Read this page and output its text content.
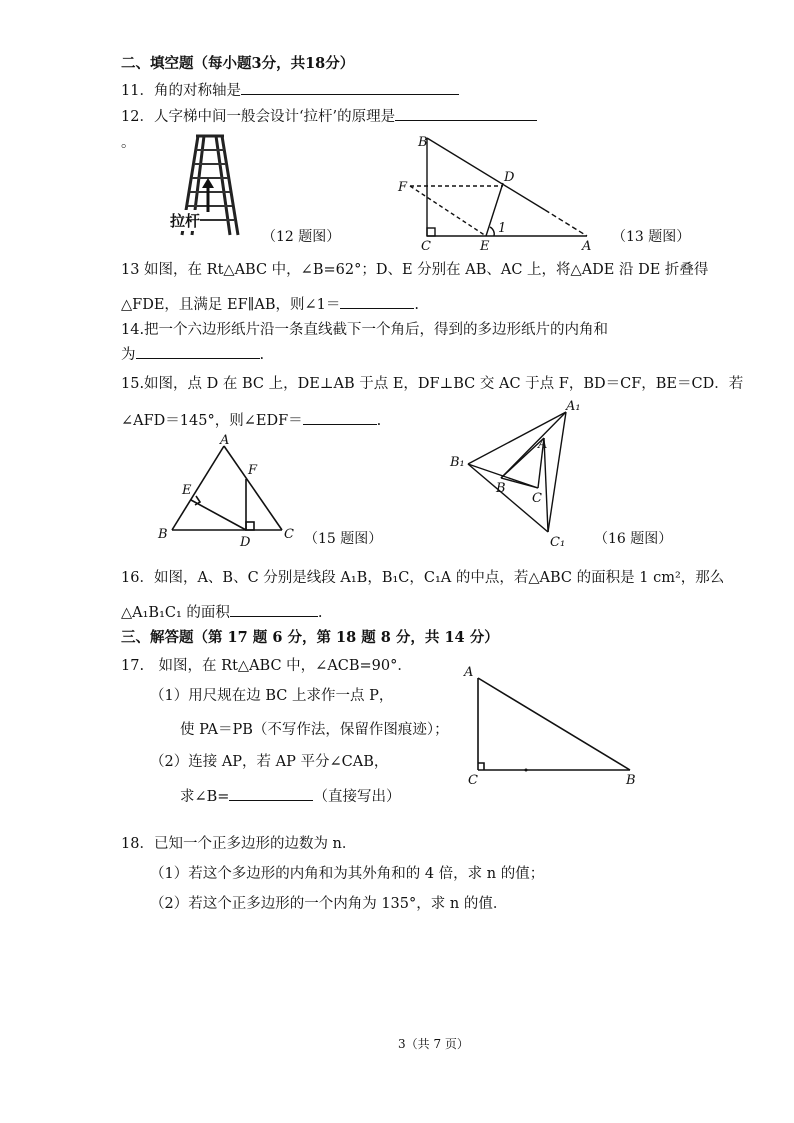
二、填空题（每小题3分，共18分）
11．角的对称轴是
12．人字梯中间一般会设计‘拉杆’的原理是
。
拉杆
（12 题图）
B
D
F
C	E	A
1
（13 题图）
13 如图，在 Rt△ABC 中，∠B=62°；D、E 分别在 AB、AC 上，将△ADE 沿 DE 折叠得
△FDE，且满足 EF∥AB，则∠1＝	.
14.把一个六边形纸片沿一条直线截下一个角后，得到的多边形纸片的内角和
为	.
15.如图，点 D 在 BC 上，DE⊥AB 于点 E，DF⊥BC 交 AC 于点 F，BD＝CF，BE＝CD．若
∠AFD＝145°，则∠EDF＝	.
A
F
E
B
D
C （15 题图）
A₁
A
B₁
B
C
C₁ （16 题图）
16．如图，A、B、C 分别是线段 A₁B，B₁C，C₁A 的中点，若△ABC 的面积是 1 cm²，那么
△A₁B₁C₁ 的面积	.
三、解答题（第 17 题 6 分，第 18 题 8 分，共 14 分）
17.　如图，在 Rt△ABC 中，∠ACB=90°．
（1）用尺规在边 BC 上求作一点 P，
使 PA＝PB（不写作法，保留作图痕迹）；
（2）连接 AP，若 AP 平分∠CAB，
求∠B=	（直接写出）
A
C	B
18．已知一个正多边形的边数为 n．
（1）若这个多边形的内角和为其外角和的 4 倍，求 n 的值；
（2）若这个正多边形的一个内角为 135°，求 n 的值．
3（共 7 页）
